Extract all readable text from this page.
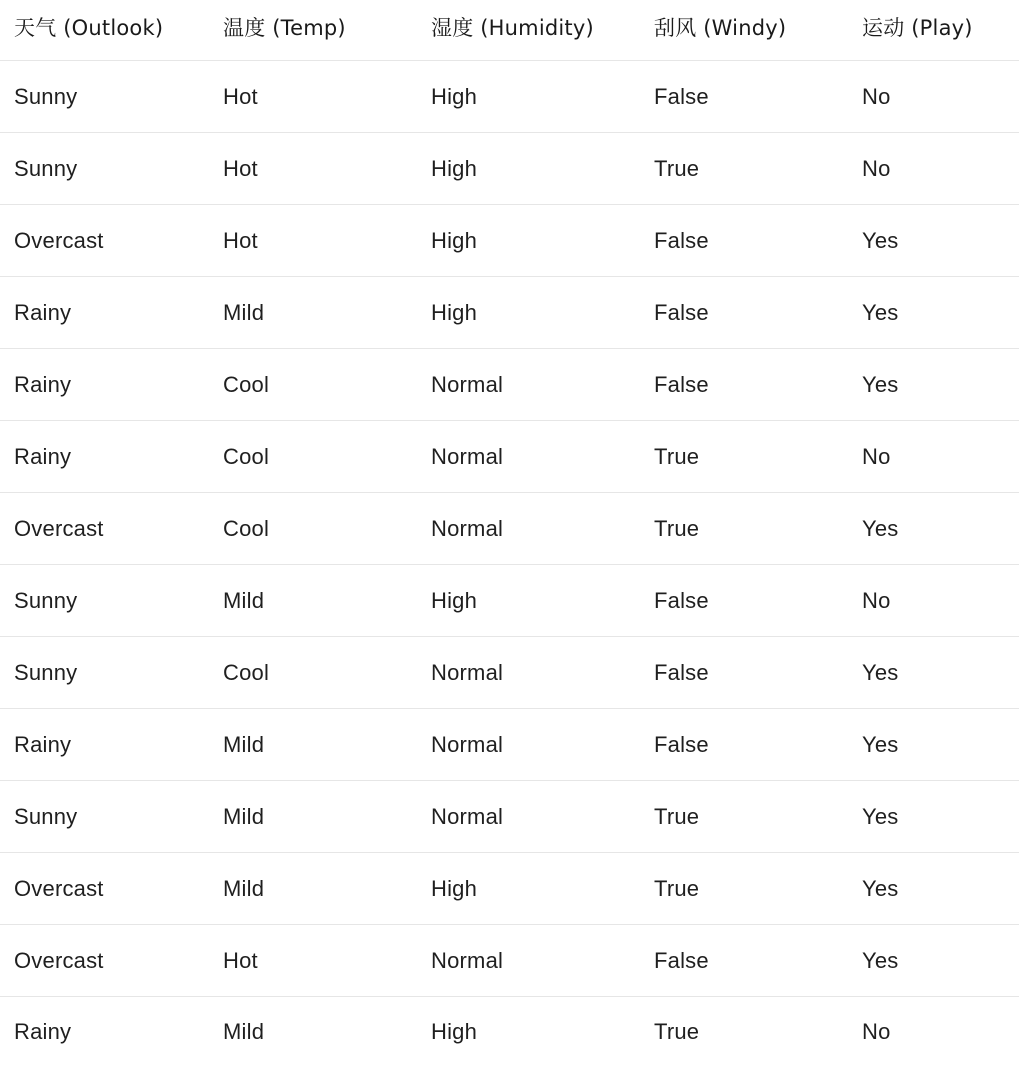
天气 (Outlook)	温度 (Temp)	湿度 (Humidity)	刮风 (Windy)	运动 (Play)
Sunny	Hot	High	False	No
Sunny	Hot	High	True	No
Overcast	Hot	High	False	Yes
Rainy	Mild	High	False	Yes
Rainy	Cool	Normal	False	Yes
Rainy	Cool	Normal	True	No
Overcast	Cool	Normal	True	Yes
Sunny	Mild	High	False	No
Sunny	Cool	Normal	False	Yes
Rainy	Mild	Normal	False	Yes
Sunny	Mild	Normal	True	Yes
Overcast	Mild	High	True	Yes
Overcast	Hot	Normal	False	Yes
Rainy	Mild	High	True	No
